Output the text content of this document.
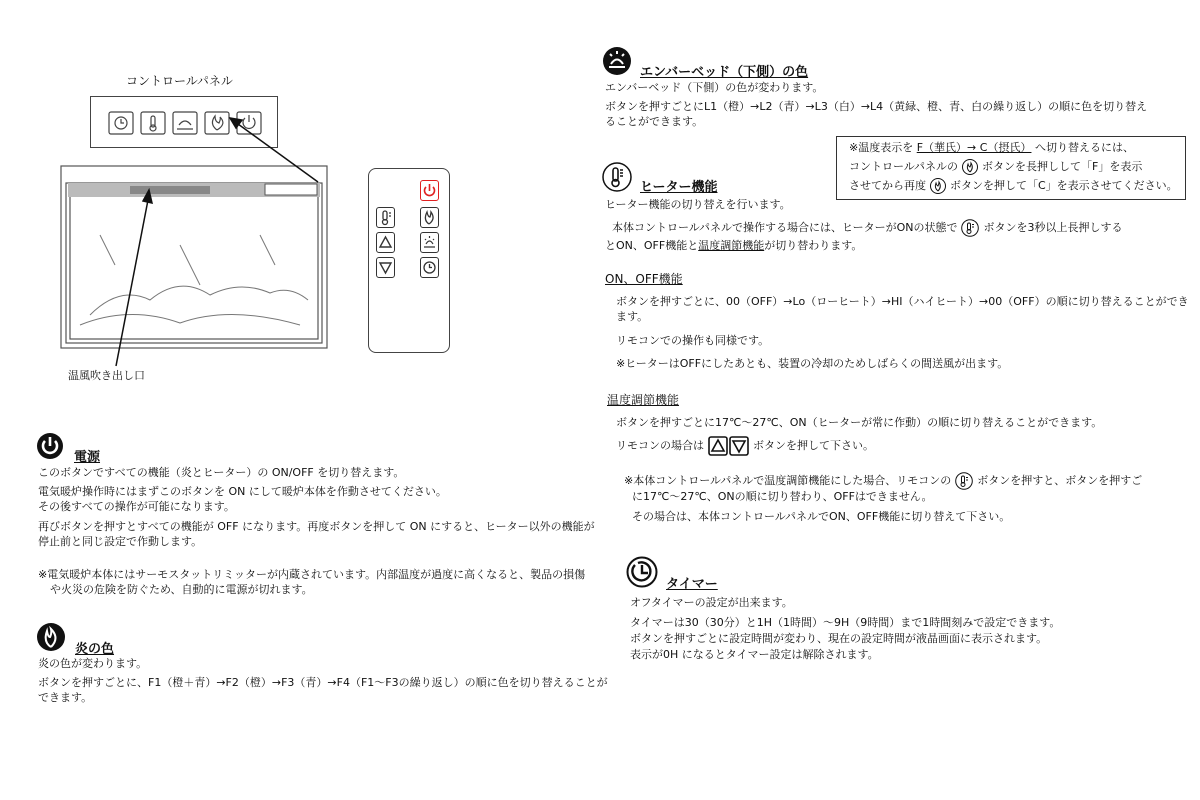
コントロールパネル
温風吹き出し口
電源
このボタンですべての機能（炎とヒーター）の ON/OFF を切り替えます。
電気暖炉操作時にはまずこのボタンを ON にして暖炉本体を作動させてください。
その後すべての操作が可能になります。
再びボタンを押すとすべての機能が OFF になります。再度ボタンを押して ON にすると、ヒーター以外の機能が
停止前と同じ設定で作動します。
※電気暖炉本体にはサーモスタットリミッターが内蔵されています。内部温度が過度に高くなると、製品の損傷
や火災の危険を防ぐため、自動的に電源が切れます。
炎の色
炎の色が変わります。
ボタンを押すごとに、F1（橙＋青）→F2（橙）→F3（青）→F4（F1～F3の繰り返し）の順に色を切り替えることが
できます。
エンバーベッド（下側）の色
エンバーベッド（下側）の色が変わります。
ボタンを押すごとにL1（橙）→L2（青）→L3（白）→L4（黄緑、橙、青、白の繰り返し）の順に色を切り替え
ることができます。
※温度表示を F（華氏）→ C（摂氏） へ切り替えるには、
コントロールパネルの ボタンを長押しして「F」を表示
させてから再度 ボタンを押して「C」を表示させてください。
ヒーター機能
ヒーター機能の切り替えを行います。
本体コントロールパネルで操作する場合には、ヒーターがONの状態で ボタンを3秒以上長押しする
とON、OFF機能と温度調節機能が切り替わります。
ON、OFF機能
ボタンを押すごとに、00（OFF）→Lo（ローヒート）→HI（ハイヒート）→00（OFF）の順に切り替えることができ
ます。
リモコンでの操作も同様です。
※ヒーターはOFFにしたあとも、装置の冷却のためしばらくの間送風が出ます。
温度調節機能
ボタンを押すごとに17℃～27℃、ON（ヒーターが常に作動）の順に切り替えることができます。
リモコンの場合は	ボタンを押して下さい。
※本体コントロールパネルで温度調節機能にした場合、リモコンの ボタンを押すと、ボタンを押すご
に17℃～27℃、ONの順に切り替わり、OFFはできません。
その場合は、本体コントロールパネルでON、OFF機能に切り替えて下さい。
タイマー
オフタイマーの設定が出来ます。
タイマーは30（30分）と1H（1時間）～9H（9時間）まで1時間刻みで設定できます。
ボタンを押すごとに設定時間が変わり、現在の設定時間が液晶画面に表示されます。
表示が0H になるとタイマー設定は解除されます。
